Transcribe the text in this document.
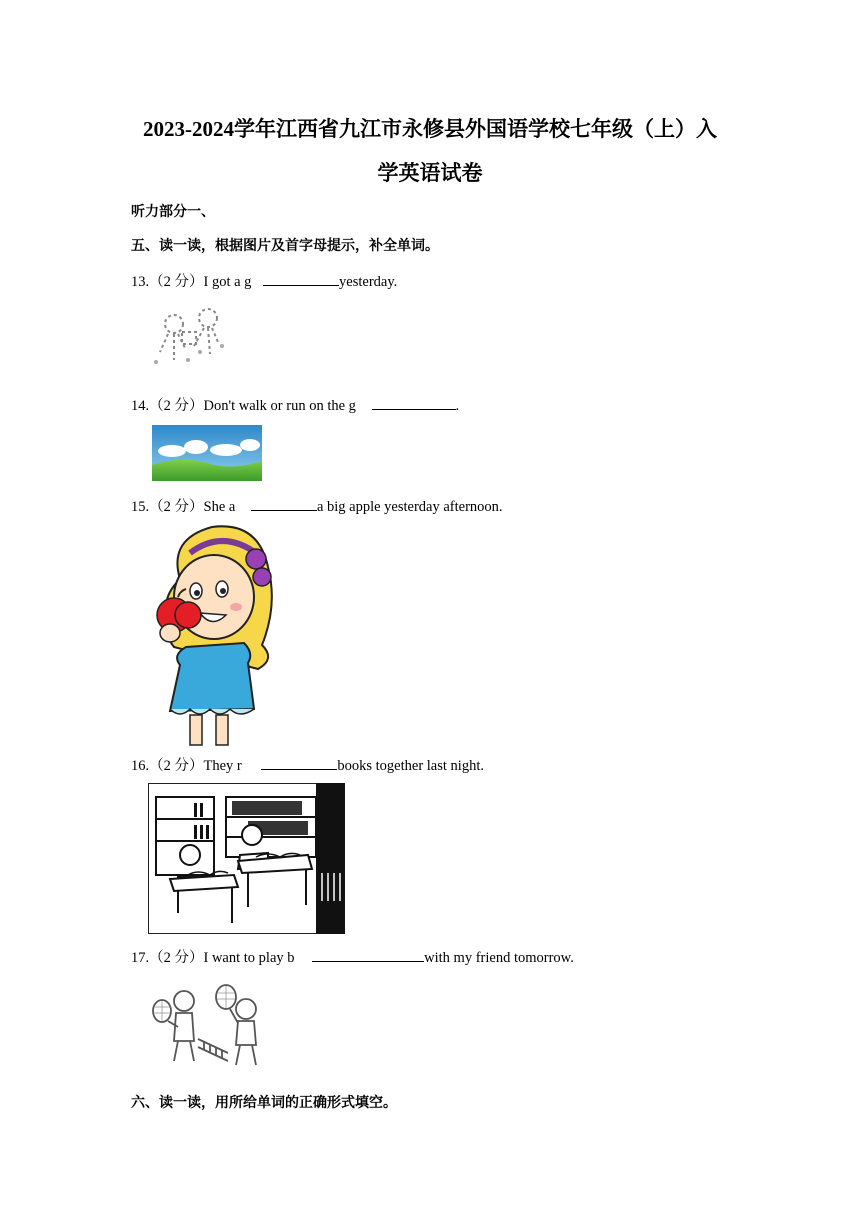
2023-2024学年江西省九江市永修县外国语学校七年级（上）入
学英语试卷
听力部分一、
五、读一读，根据图片及首字母提示，补全单词。
13.（2 分）I got a g	yesterday.
14.（2 分）Don't walk or run on the g	.
15.（2 分）She a	a big apple yesterday afternoon.
16.（2 分）They r	books together last night.
17.（2 分）I want to play b	with my friend tomorrow.
六、读一读，用所给单词的正确形式填空。
